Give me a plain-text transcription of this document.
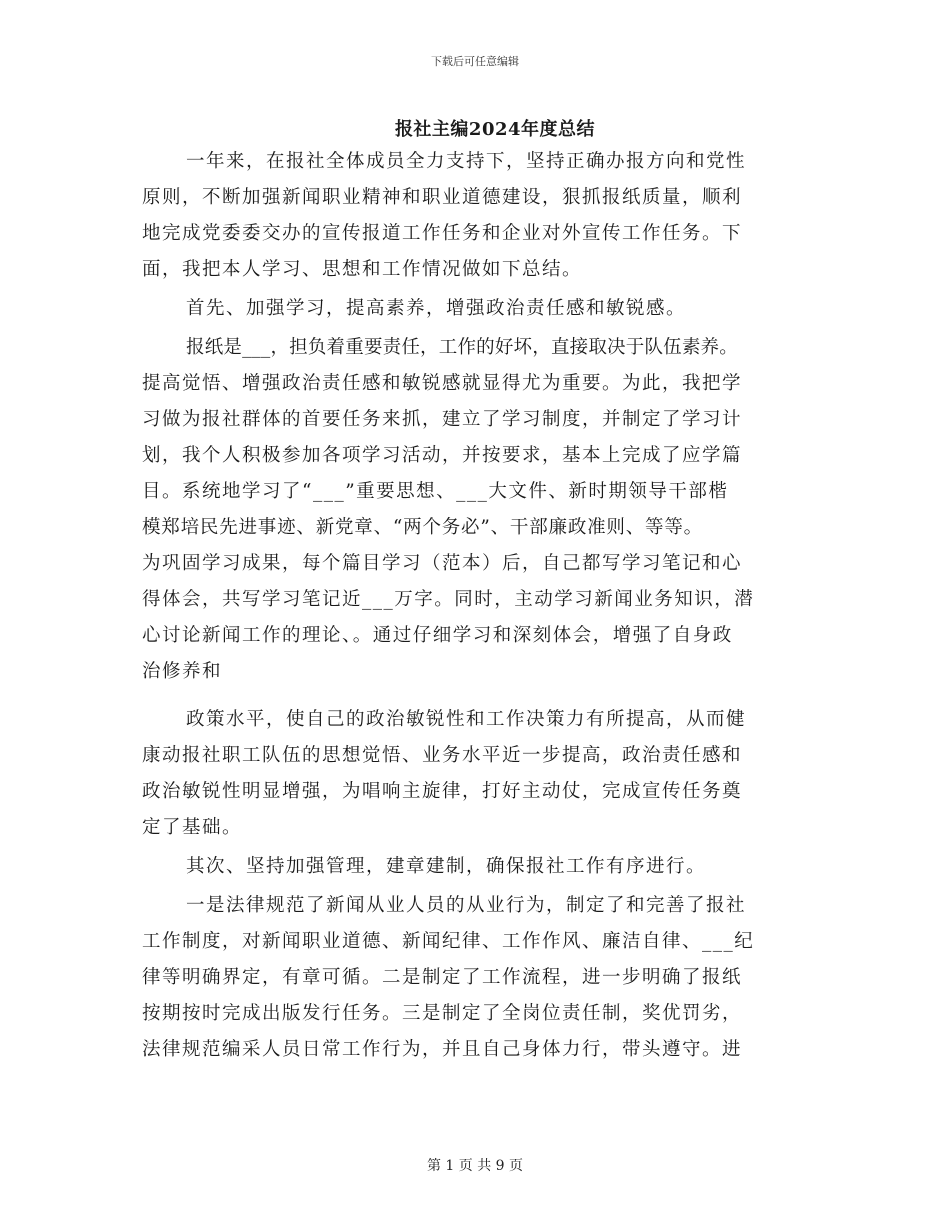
下载后可任意编辑
报社主编2024年度总结
一年来，在报社全体成员全力支持下，坚持正确办报方向和党性
原则，不断加强新闻职业精神和职业道德建设，狠抓报纸质量，顺利
地完成党委委交办的宣传报道工作任务和企业对外宣传工作任务。下
面，我把本人学习、思想和工作情况做如下总结。
首先、加强学习，提高素养，增强政治责任感和敏锐感。
报纸是___，担负着重要责任，工作的好坏，直接取决于队伍素养。
提高觉悟、增强政治责任感和敏锐感就显得尤为重要。为此，我把学
习做为报社群体的首要任务来抓，建立了学习制度，并制定了学习计
划，我个人积极参加各项学习活动，并按要求，基本上完成了应学篇
目。系统地学习了“___”重要思想、___大文件、新时期领导干部楷
模郑培民先进事迹、新党章、“两个务必”、干部廉政准则、等等。
为巩固学习成果，每个篇目学习（范本）后，自己都写学习笔记和心
得体会，共写学习笔记近___万字。同时，主动学习新闻业务知识，潜
心讨论新闻工作的理论、。通过仔细学习和深刻体会，增强了自身政
治修养和
政策水平，使自己的政治敏锐性和工作决策力有所提高，从而健
康动报社职工队伍的思想觉悟、业务水平近一步提高，政治责任感和
政治敏锐性明显增强，为唱响主旋律，打好主动仗，完成宣传任务奠
定了基础。
其次、坚持加强管理，建章建制，确保报社工作有序进行。
一是法律规范了新闻从业人员的从业行为，制定了和完善了报社
工作制度，对新闻职业道德、新闻纪律、工作作风、廉洁自律、___纪
律等明确界定，有章可循。二是制定了工作流程，进一步明确了报纸
按期按时完成出版发行任务。三是制定了全岗位责任制，奖优罚劣，
法律规范编采人员日常工作行为，并且自己身体力行，带头遵守。进
第 1 页 共 9 页
